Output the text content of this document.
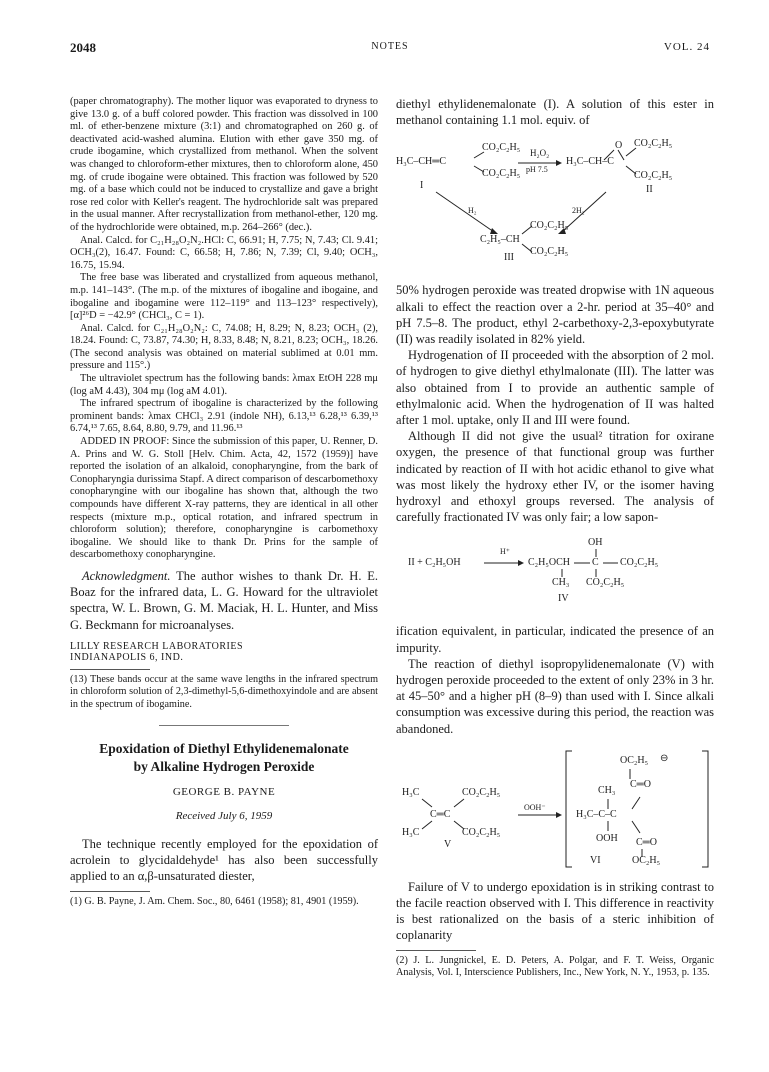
2048	NOTES	VOL. 24

(paper chromatography). The mother liquor was evaporated to dryness to give 13.0 g. of a buff colored powder. This fraction was dissolved in 100 ml. of ether-benzene mixture (3:1) and chromatographed on 260 g. of deactivated acid-washed alumina. Elution with ether gave 350 mg. of crude ibogamine, which crystallized from methanol. When the solvent was changed to chloroform-ether mixtures, then to chloroform alone, 450 mg. of crude ibogaine were obtained. This fraction was followed by 520 mg. of a base which could not be induced to crystallize and gave a bright rose red color with Keller's reagent. The hydrochloride salt was prepared in the usual manner. After recrystallization from methanol-ether, 120 mg. of the hydrochloride were obtained, m.p. 264–266° (dec.).

Anal. Calcd. for C₂₁H₂₈O₂N₂.HCl: C, 66.91; H, 7.75; N, 7.43; Cl. 9.41; OCH₃(2), 16.47. Found: C, 66.58; H, 7.86; N, 7.39; Cl, 9.40; OCH₃, 16.75, 15.94.

The free base was liberated and crystallized from aqueous methanol, m.p. 141–143°. (The m.p. of the mixtures of ibogaline and ibogaine, and ibogaline and ibogamine were 112–119° and 113–123° respectively), [α]²⁶D = −42.9° (CHCl₃, C = 1).

Anal. Calcd. for C₂₁H₂₈O₂N₂: C, 74.08; H, 8.29; N, 8.23; OCH₃ (2), 18.24. Found: C, 73.87, 74.30; H, 8.33, 8.48; N, 8.21, 8.23; OCH₃, 18.26. (The second analysis was obtained on material sublimed at 0.01 mm. pressure and 115°.)

The ultraviolet spectrum has the following bands: λmax EtOH 228 mμ (log aM 4.43), 304 mμ (log aM 4.01).

The infrared spectrum of ibogaline is characterized by the following prominent bands: λmax CHCl₃ 2.91 (indole NH), 6.13,¹³ 6.28,¹³ 6.39,¹³ 6.74,¹³ 7.65, 8.64, 8.80, 9.79, and 11.96.¹³

ADDED IN PROOF: Since the submission of this paper, U. Renner, D. A. Prins and W. G. Stoll [Helv. Chim. Acta, 42, 1572 (1959)] have reported the isolation of an alkaloid, conopharyngine, from the bark of Conopharyngia durissima Stapf. A direct comparison of descarbomethoxy conopharyngine with our ibogaline has shown that, although the two compounds have different X-ray patterns, they are identical in all other respects (mixture m.p., optical rotation, and infrared spectrum in chloroform solution); therefore, conopharyngine is carbomethoxy ibogaline. We should like to thank Dr. Prins for the sample of descarbomethoxy conopharyngine.

Acknowledgment. The author wishes to thank Dr. H. E. Boaz for the infrared data, L. G. Howard for the ultraviolet spectra, W. L. Brown, G. M. Maciak, H. L. Hunter, and Miss G. Beckmann for microanalyses.

LILLY RESEARCH LABORATORIES

INDIANAPOLIS 6, IND.

(13) These bands occur at the same wave lengths in the infrared spectrum in chloroform solution of 2,3-dimethyl-5,6-dimethoxyindole and are absent in the spectrum of ibogamine.

Epoxidation of Diethyl Ethylidenemalonate

by Alkaline Hydrogen Peroxide

GEORGE B. PAYNE

Received July 6, 1959

The technique recently employed for the epoxidation of acrolein to glycidaldehyde¹ has also been successfully applied to an α,β-unsaturated diester,

(1) G. B. Payne, J. Am. Chem. Soc., 80, 6461 (1958); 81, 4901 (1959).

diethyl ethylidenemalonate (I). A solution of this ester in methanol containing 1.1 mol. equiv. of

H₃C–CH═C
CO₂C₂H₅
CO₂C₂H₅
I
H₂O₂
pH 7.5
O
H₃C–CH–C
CO₂C₂H₅
CO₂C₂H₅
II
H₂	2H₂
C₂H₅–CH
CO₂C₂H₅
CO₂C₂H₅
III

50% hydrogen peroxide was treated dropwise with 1N aqueous alkali to effect the reaction over a 2-hr. period at 35–40° and pH 7.5–8. The product, ethyl 2-carbethoxy-2,3-epoxybutyrate (II) was readily isolated in 82% yield.

Hydrogenation of II proceeded with the absorption of 2 mol. of hydrogen to give diethyl ethylmalonate (III). The latter was also obtained from I to provide an authentic sample of ethylmalonic acid. When the hydrogenation of II was halted after 1 mol. uptake, only II and III were found.

Although II did not give the usual² titration for oxirane oxygen, the presence of that functional group was further indicated by reaction of II with hot acidic ethanol to give what was most likely the hydroxy ether IV, or the isomer having hydroxyl and ethoxyl groups reversed. The analysis of carefully fractionated IV was only fair; a low sapon-

OH
II + C₂H₅OH
H⁺
C₂H₅OCH C CO₂C₂H₅
CH₃ CO₂C₂H₅
IV

ification equivalent, in particular, indicated the presence of an impurity.

The reaction of diethyl isopropylidenemalonate (V) with hydrogen peroxide proceeded to the extent of only 23% in 3 hr. at 45–50° and a higher pH (8–9) than used with I. Since alkali consumption was excessive during this period, the reaction was abandoned.

H₃C	CO₂C₂H₅
C═C
H₃C	CO₂C₂H₅
V
OOH⁻
OC₂H₅ ⊖
CH₃
C═O
H₃C–C–C
OOH C═O
OC₂H₅
VI

Failure of V to undergo epoxidation is in striking contrast to the facile reaction observed with I. This difference in reactivity is best rationalized on the basis of a steric inhibition of coplanarity

(2) J. L. Jungnickel, E. D. Peters, A. Polgar, and F. T. Weiss, Organic Analysis, Vol. I, Interscience Publishers, Inc., New York, N. Y., 1953, p. 135.
